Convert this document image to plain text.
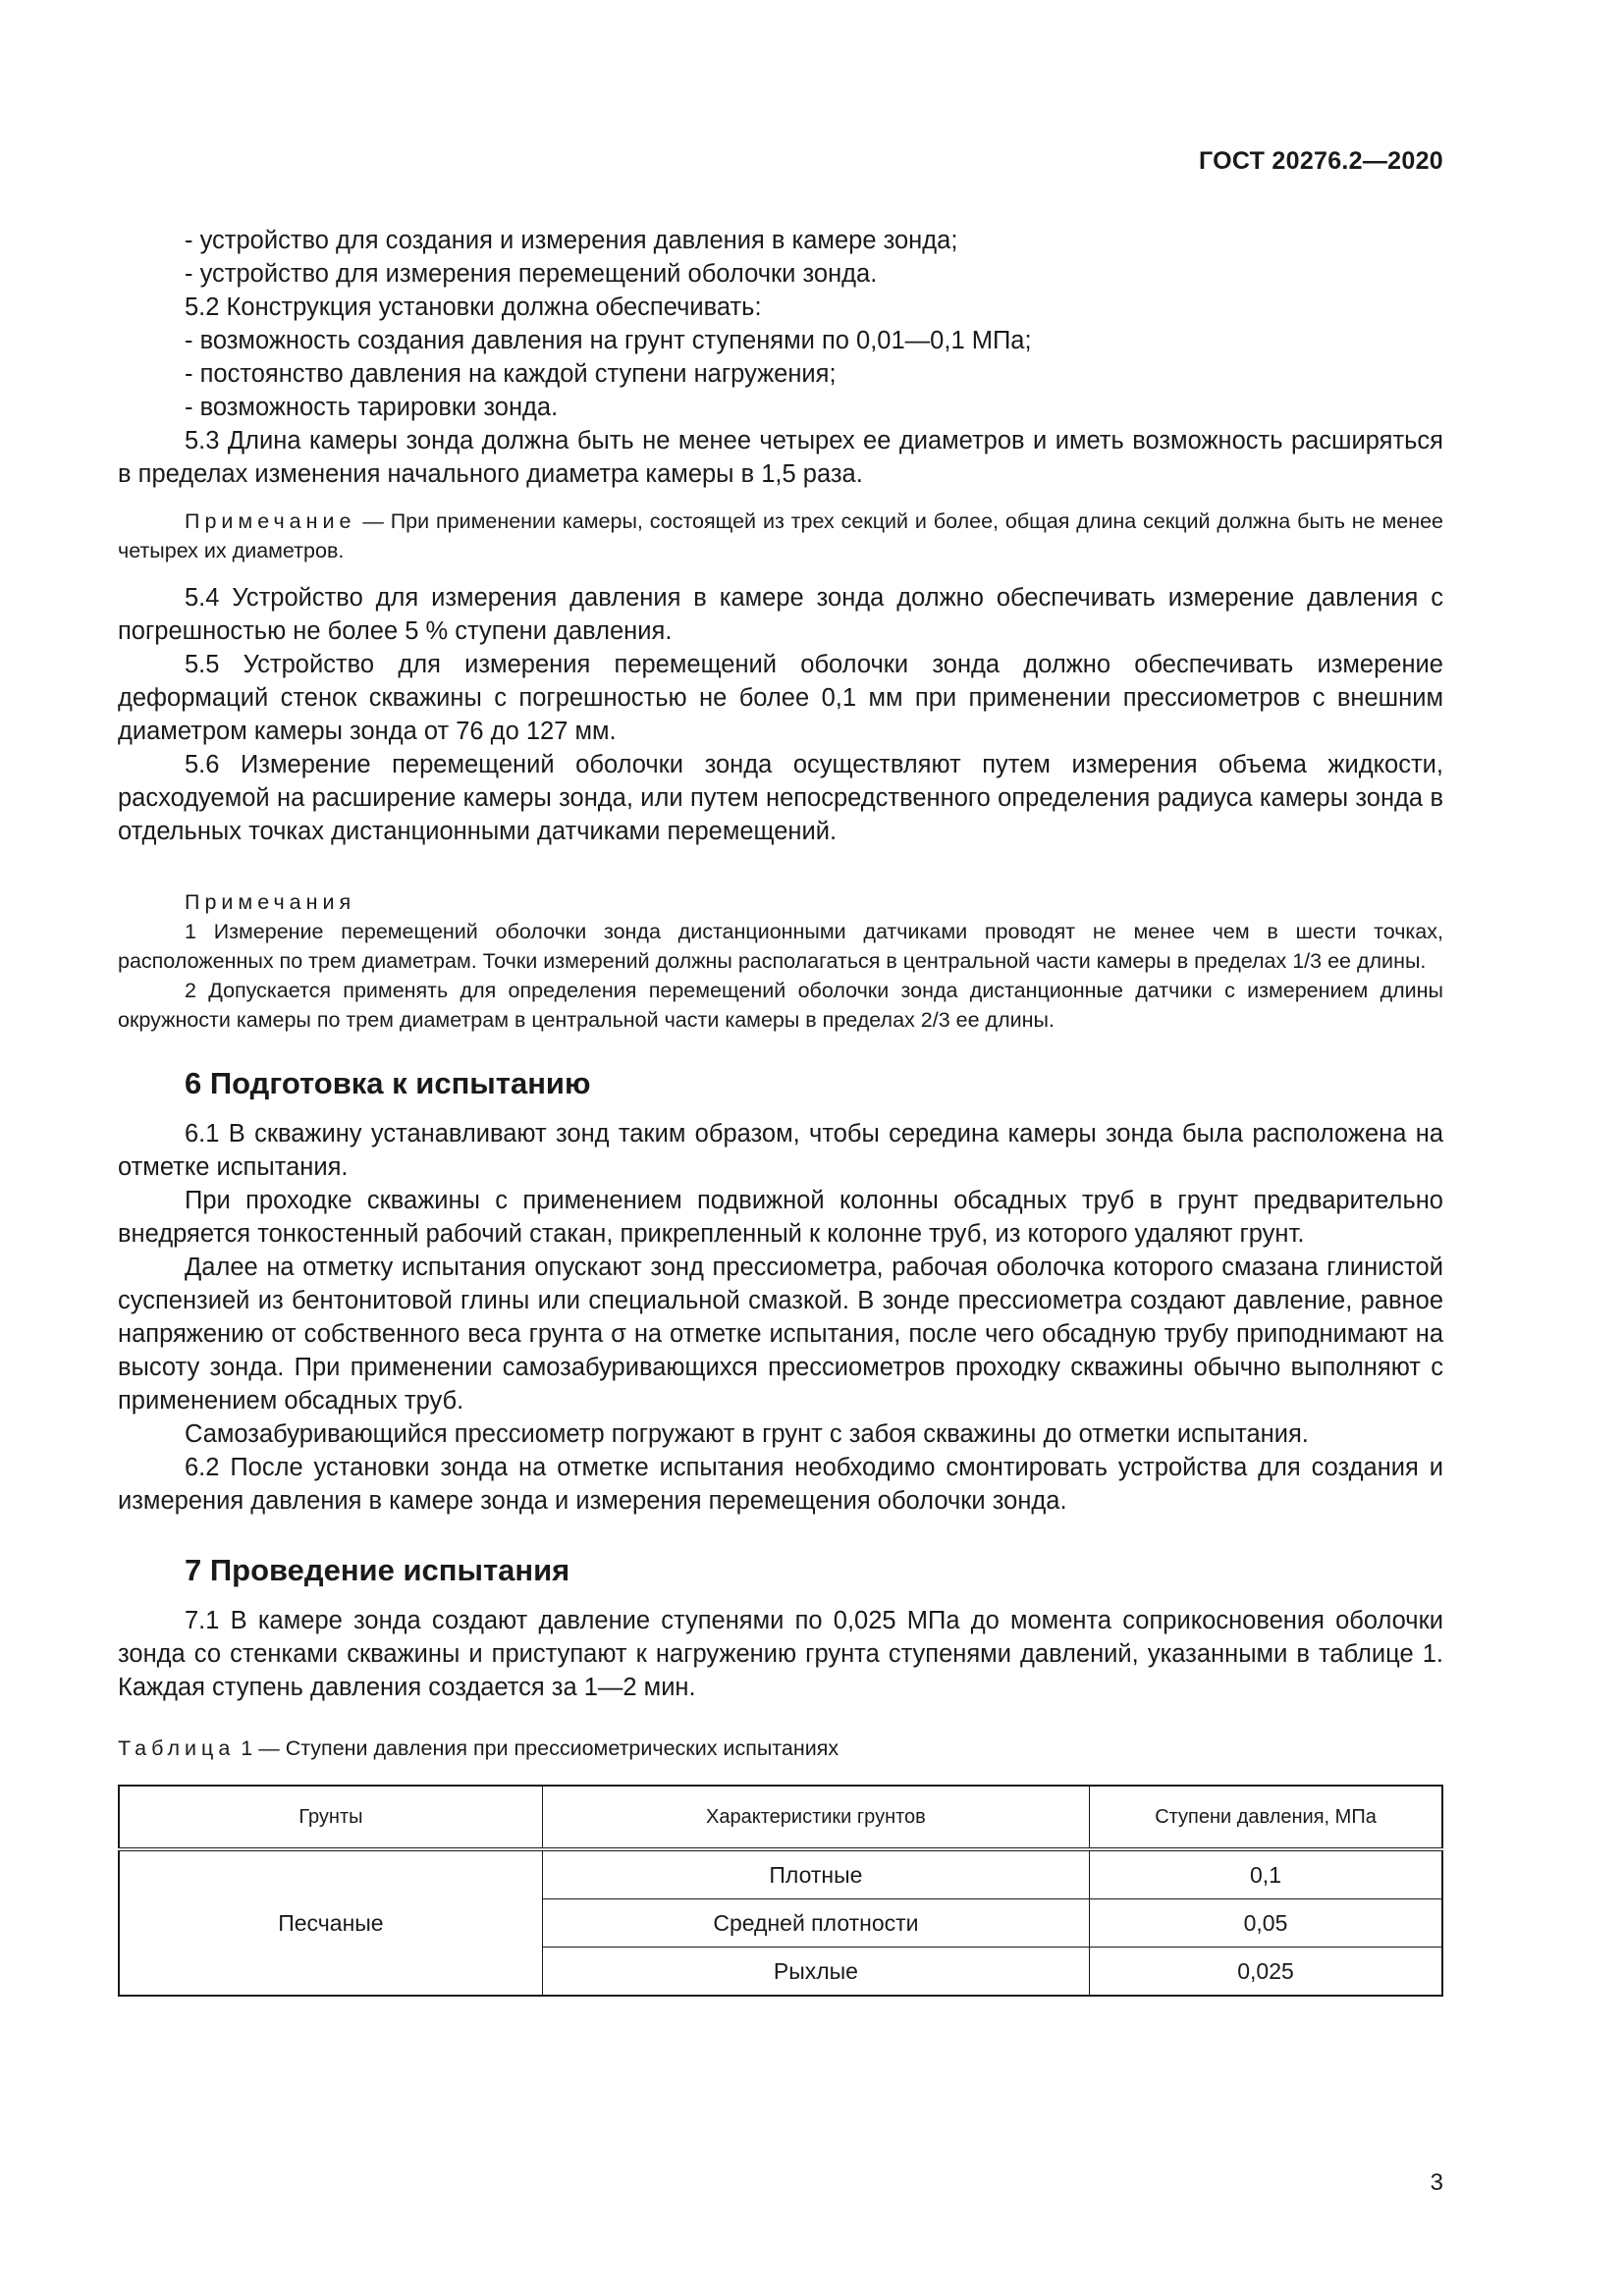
ГОСТ 20276.2—2020

- устройство для создания и измерения давления в камере зонда;

- устройство для измерения перемещений оболочки зонда.

5.2 Конструкция установки должна обеспечивать:

- возможность создания давления на грунт ступенями по 0,01—0,1 МПа;

- постоянство давления на каждой ступени нагружения;

- возможность тарировки зонда.

5.3 Длина камеры зонда должна быть не менее четырех ее диаметров и иметь возможность расширяться в пределах изменения начального диаметра камеры в 1,5 раза.

Примечание — При применении камеры, состоящей из трех секций и более, общая длина секций должна быть не менее четырех их диаметров.

5.4 Устройство для измерения давления в камере зонда должно обеспечивать измерение давления с погрешностью не более 5 % ступени давления.

5.5 Устройство для измерения перемещений оболочки зонда должно обеспечивать измерение деформаций стенок скважины с погрешностью не более 0,1 мм при применении прессиометров с внешним диаметром камеры зонда от 76 до 127 мм.

5.6 Измерение перемещений оболочки зонда осуществляют путем измерения объема жидкости, расходуемой на расширение камеры зонда, или путем непосредственного определения радиуса камеры зонда в отдельных точках дистанционными датчиками перемещений.

Примечания

1 Измерение перемещений оболочки зонда дистанционными датчиками проводят не менее чем в шести точках, расположенных по трем диаметрам. Точки измерений должны располагаться в центральной части камеры в пределах 1/3 ее длины.

2 Допускается применять для определения перемещений оболочки зонда дистанционные датчики с измерением длины окружности камеры по трем диаметрам в центральной части камеры в пределах 2/3 ее длины.

6 Подготовка к испытанию

6.1 В скважину устанавливают зонд таким образом, чтобы середина камеры зонда была расположена на отметке испытания.

При проходке скважины с применением подвижной колонны обсадных труб в грунт предварительно внедряется тонкостенный рабочий стакан, прикрепленный к колонне труб, из которого удаляют грунт.

Далее на отметку испытания опускают зонд прессиометра, рабочая оболочка которого смазана глинистой суспензией из бентонитовой глины или специальной смазкой. В зонде прессиометра создают давление, равное напряжению от собственного веса грунта σ на отметке испытания, после чего обсадную трубу приподнимают на высоту зонда. При применении самозабуривающихся прессиометров проходку скважины обычно выполняют с применением обсадных труб.

Самозабуривающийся прессиометр погружают в грунт с забоя скважины до отметки испытания.

6.2 После установки зонда на отметке испытания необходимо смонтировать устройства для создания и измерения давления в камере зонда и измерения перемещения оболочки зонда.

7 Проведение испытания

7.1 В камере зонда создают давление ступенями по 0,025 МПа до момента соприкосновения оболочки зонда со стенками скважины и приступают к нагружению грунта ступенями давлений, указанными в таблице 1. Каждая ступень давления создается за 1—2 мин.

Таблица 1 — Ступени давления при прессиометрических испытаниях

Грунты	Характеристики грунтов	Ступени давления, МПа
Песчаные	Плотные	0,1
	Средней плотности	0,05
	Рыхлые	0,025
3
